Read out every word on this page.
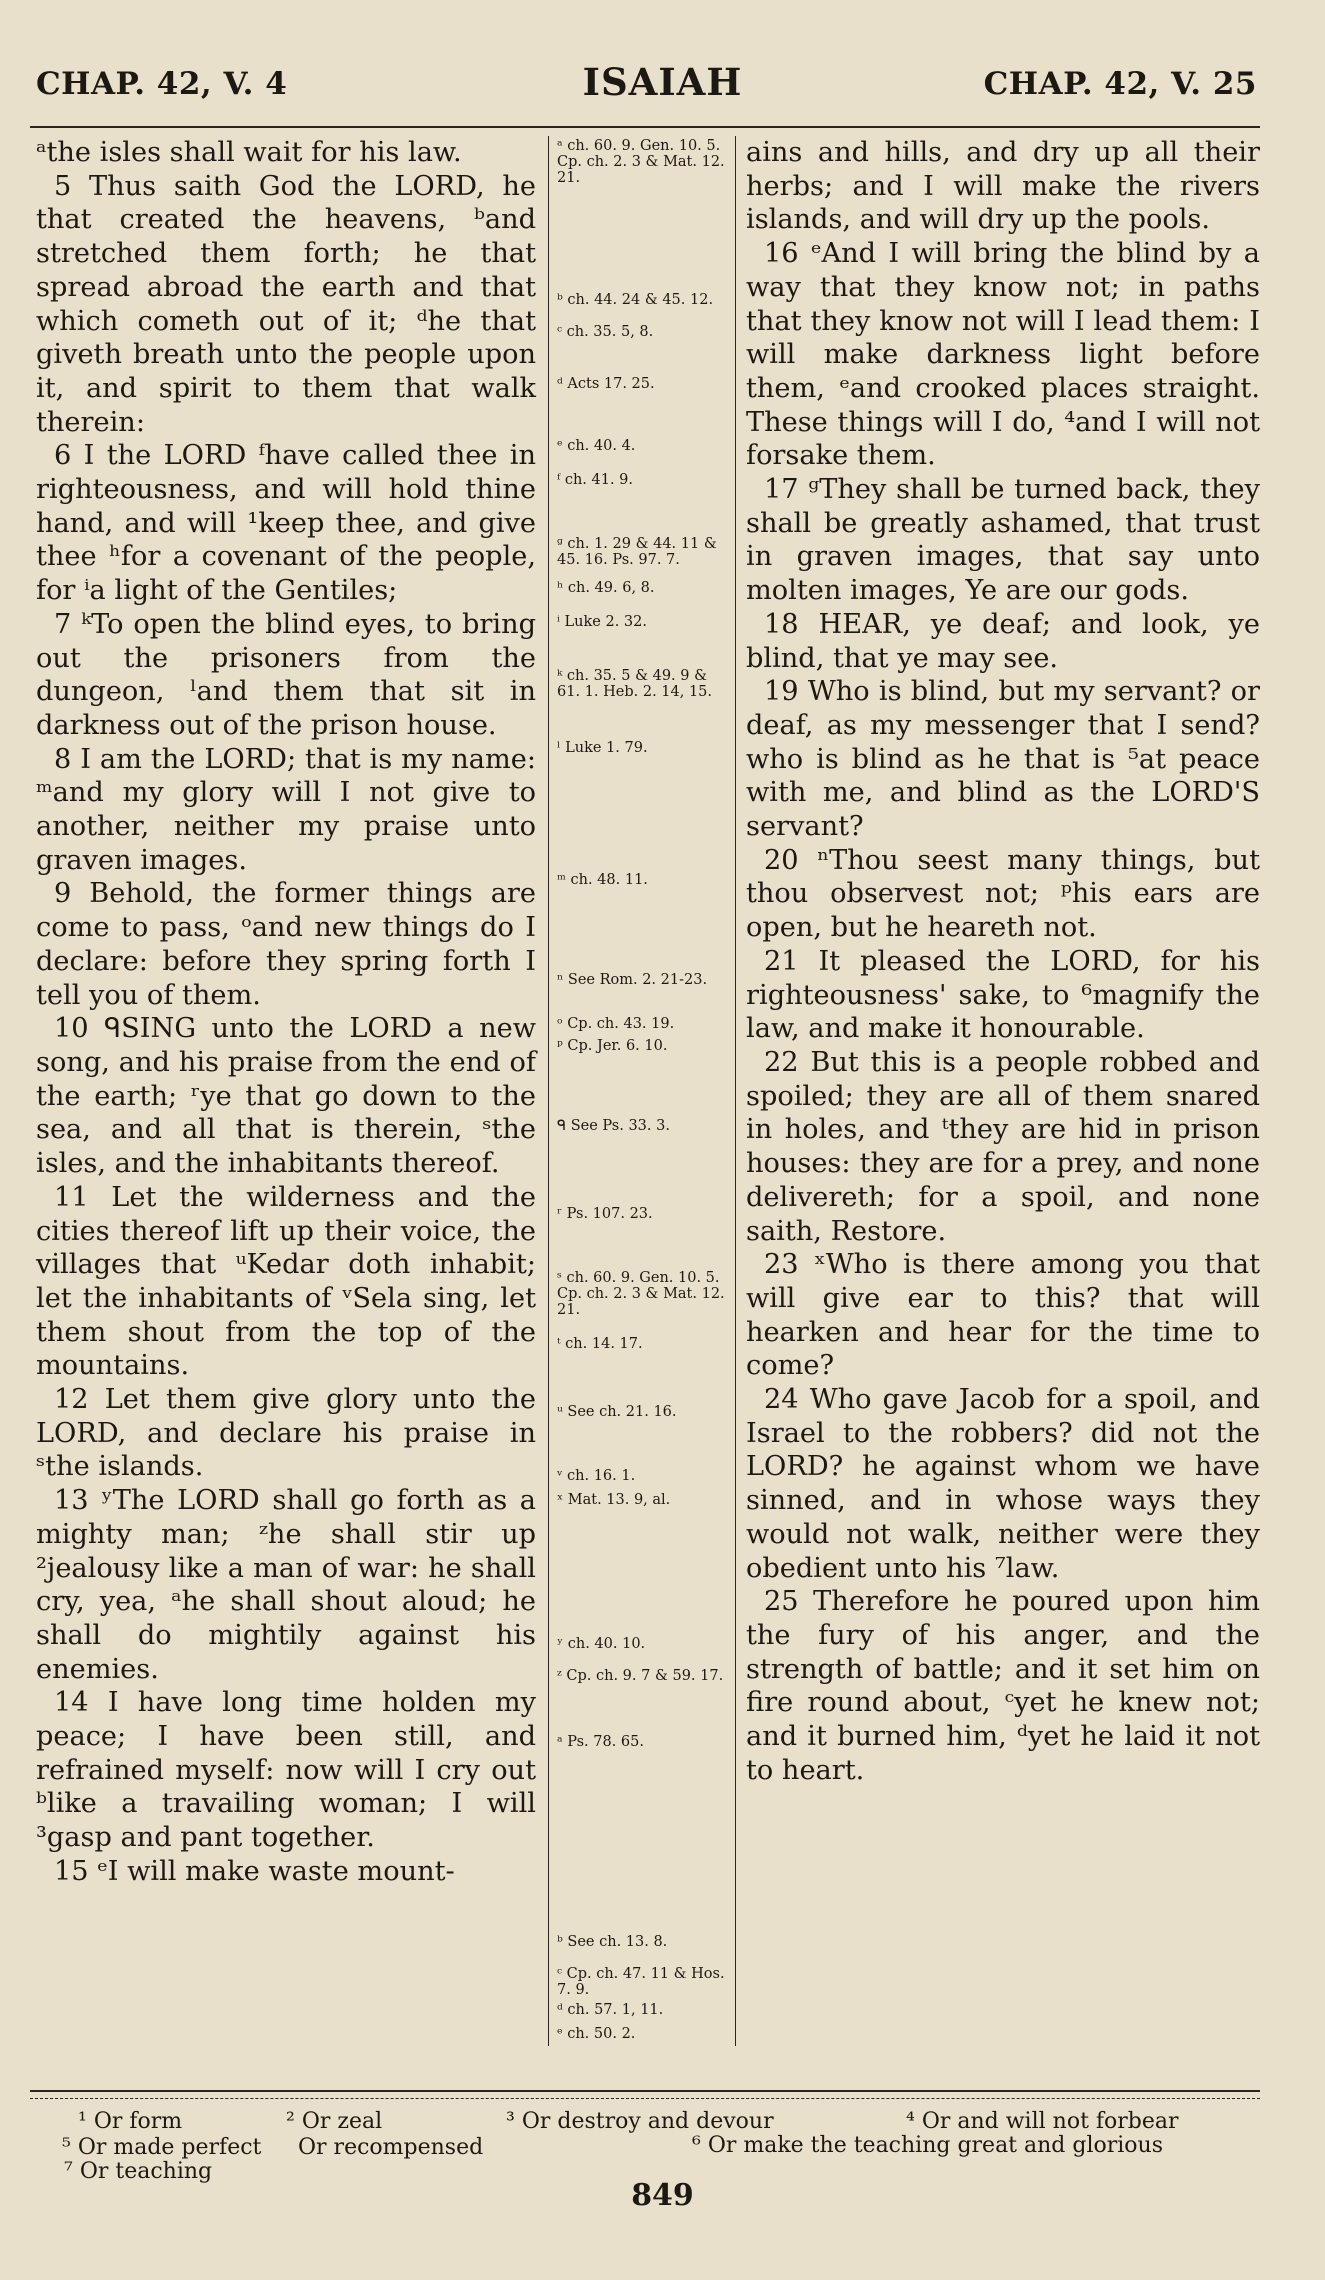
CHAP. 42, V. 4	ISAIAH	CHAP. 42, V. 25

ᵃthe isles shall wait for his law.

5 Thus saith God the LORD, he that created the heavens, ᵇand stretched them forth; he that spread abroad the earth and that which cometh out of it; ᵈhe that giveth breath unto the people upon it, and spirit to them that walk therein:

6 I the LORD ᶠhave called thee in righteousness, and will hold thine hand, and will ¹keep thee, and give thee ʰfor a covenant of the people, for ⁱa light of the Gentiles;

7 ᵏTo open the blind eyes, to bring out the prisoners from the dungeon, ˡand them that sit in darkness out of the prison house.

8 I am the LORD; that is my name: ᵐand my glory will I not give to another, neither my praise unto graven images.

9 Behold, the former things are come to pass, ᵒand new things do I declare: before they spring forth I tell you of them.

10 ᑫSING unto the LORD a new song, and his praise from the end of the earth; ʳye that go down to the sea, and all that is therein, ˢthe isles, and the inhabitants thereof.

11 Let the wilderness and the cities thereof lift up their voice, the villages that ᵘKedar doth inhabit; let the inhabitants of ᵛSela sing, let them shout from the top of the mountains.

12 Let them give glory unto the LORD, and declare his praise in ˢthe islands.

13 ʸThe LORD shall go forth as a mighty man; ᶻhe shall stir up ²jealousy like a man of war: he shall cry, yea, ᵃhe shall shout aloud; he shall do mightily against his enemies.

14 I have long time holden my peace; I have been still, and refrained myself: now will I cry out ᵇlike a travailing woman; I will ³gasp and pant together.

15 ᵉI will make waste mount-

ᵃ ch. 60. 9. Gen. 10. 5. Cp. ch. 2. 3 & Mat. 12. 21.
ᵇ ch. 44. 24 & 45. 12.
ᶜ ch. 35. 5, 8.
ᵈ Acts 17. 25.
ᵉ ch. 40. 4.
ᶠ ch. 41. 9.
ᵍ ch. 1. 29 & 44. 11 & 45. 16. Ps. 97. 7.
ʰ ch. 49. 6, 8.
ⁱ Luke 2. 32.
ᵏ ch. 35. 5 & 49. 9 & 61. 1. Heb. 2. 14, 15.
ˡ Luke 1. 79.
ᵐ ch. 48. 11.
ⁿ See Rom. 2. 21-23.
ᵒ Cp. ch. 43. 19.
ᵖ Cp. Jer. 6. 10.
ᑫ See Ps. 33. 3.
ʳ Ps. 107. 23.
ˢ ch. 60. 9. Gen. 10. 5. Cp. ch. 2. 3 & Mat. 12. 21.
ᵗ ch. 14. 17.
ᵘ See ch. 21. 16.
ᵛ ch. 16. 1.
ˣ Mat. 13. 9, al.
ʸ ch. 40. 10.
ᶻ Cp. ch. 9. 7 & 59. 17.
ᵃ Ps. 78. 65.
ᵇ See ch. 13. 8.
ᶜ Cp. ch. 47. 11 & Hos. 7. 9.
ᵈ ch. 57. 1, 11.
ᵉ ch. 50. 2.

ains and hills, and dry up all their herbs; and I will make the rivers islands, and will dry up the pools.

16 ᵉAnd I will bring the blind by a way that they know not; in paths that they know not will I lead them: I will make darkness light before them, ᵉand crooked places straight. These things will I do, ⁴and I will not forsake them.

17 ᵍThey shall be turned back, they shall be greatly ashamed, that trust in graven images, that say unto molten images, Ye are our gods.

18 HEAR, ye deaf; and look, ye blind, that ye may see.

19 Who is blind, but my servant? or deaf, as my messenger that I send? who is blind as he that is ⁵at peace with me, and blind as the LORD'S servant?

20 ⁿThou seest many things, but thou observest not; ᵖhis ears are open, but he heareth not.

21 It pleased the LORD, for his righteousness' sake, to ⁶magnify the law, and make it honourable.

22 But this is a people robbed and spoiled; they are all of them snared in holes, and ᵗthey are hid in prison houses: they are for a prey, and none delivereth; for a spoil, and none saith, Restore.

23 ˣWho is there among you that will give ear to this? that will hearken and hear for the time to come?

24 Who gave Jacob for a spoil, and Israel to the robbers? did not the LORD? he against whom we have sinned, and in whose ways they would not walk, neither were they obedient unto his ⁷law.

25 Therefore he poured upon him the fury of his anger, and the strength of battle; and it set him on fire round about, ᶜyet he knew not; and it burned him, ᵈyet he laid it not to heart.

¹ Or form	² Or zeal	³ Or destroy and devour	⁴ Or and will not forbear
⁵ Or made perfect Or recompensed	⁶ Or make the teaching great and glorious
⁷ Or teaching
849
